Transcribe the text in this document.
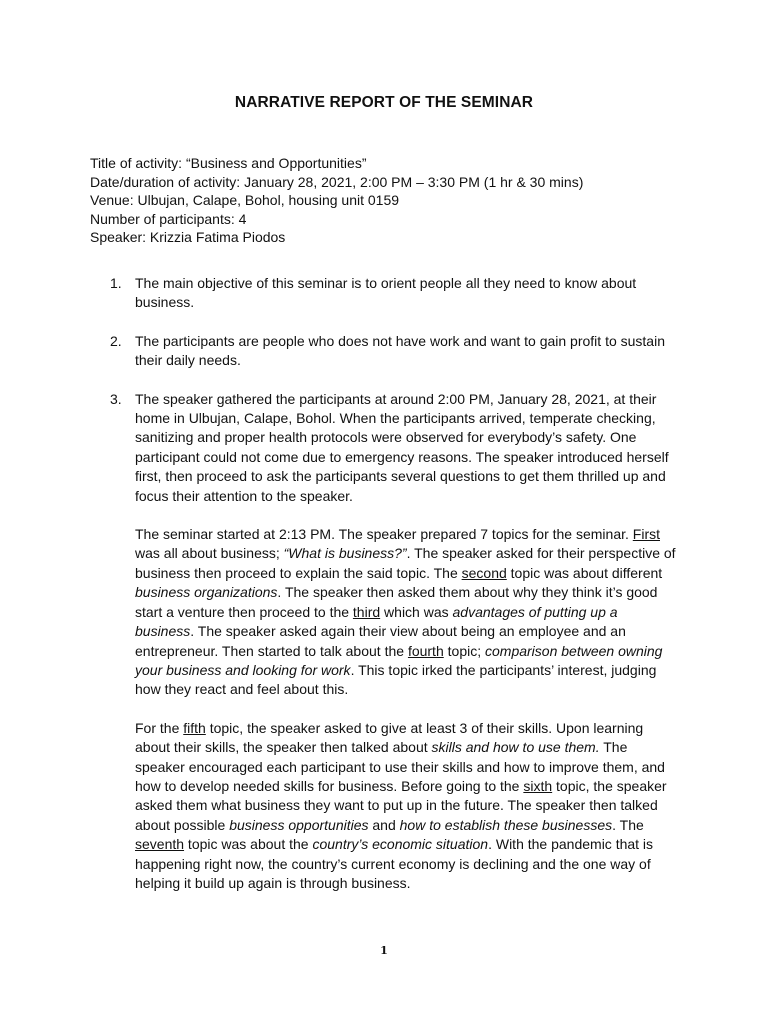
NARRATIVE REPORT OF THE SEMINAR
Title of activity: “Business and Opportunities”
Date/duration of activity: January 28, 2021, 2:00 PM – 3:30 PM (1 hr & 30 mins)
Venue: Ulbujan, Calape, Bohol, housing unit 0159
Number of participants: 4
Speaker: Krizzia Fatima Piodos
1. The main objective of this seminar is to orient people all they need to know about business.
2. The participants are people who does not have work and want to gain profit to sustain their daily needs.
3. The speaker gathered the participants at around 2:00 PM, January 28, 2021, at their home in Ulbujan, Calape, Bohol. When the participants arrived, temperate checking, sanitizing and proper health protocols were observed for everybody’s safety. One participant could not come due to emergency reasons. The speaker introduced herself first, then proceed to ask the participants several questions to get them thrilled up and focus their attention to the speaker.
The seminar started at 2:13 PM. The speaker prepared 7 topics for the seminar. First was all about business; “What is business?”. The speaker asked for their perspective of business then proceed to explain the said topic. The second topic was about different business organizations. The speaker then asked them about why they think it’s good start a venture then proceed to the third which was advantages of putting up a business. The speaker asked again their view about being an employee and an entrepreneur. Then started to talk about the fourth topic; comparison between owning your business and looking for work. This topic irked the participants’ interest, judging how they react and feel about this.
For the fifth topic, the speaker asked to give at least 3 of their skills. Upon learning about their skills, the speaker then talked about skills and how to use them. The speaker encouraged each participant to use their skills and how to improve them, and how to develop needed skills for business. Before going to the sixth topic, the speaker asked them what business they want to put up in the future. The speaker then talked about possible business opportunities and how to establish these businesses. The seventh topic was about the country’s economic situation. With the pandemic that is happening right now, the country’s current economy is declining and the one way of helping it build up again is through business.
1
